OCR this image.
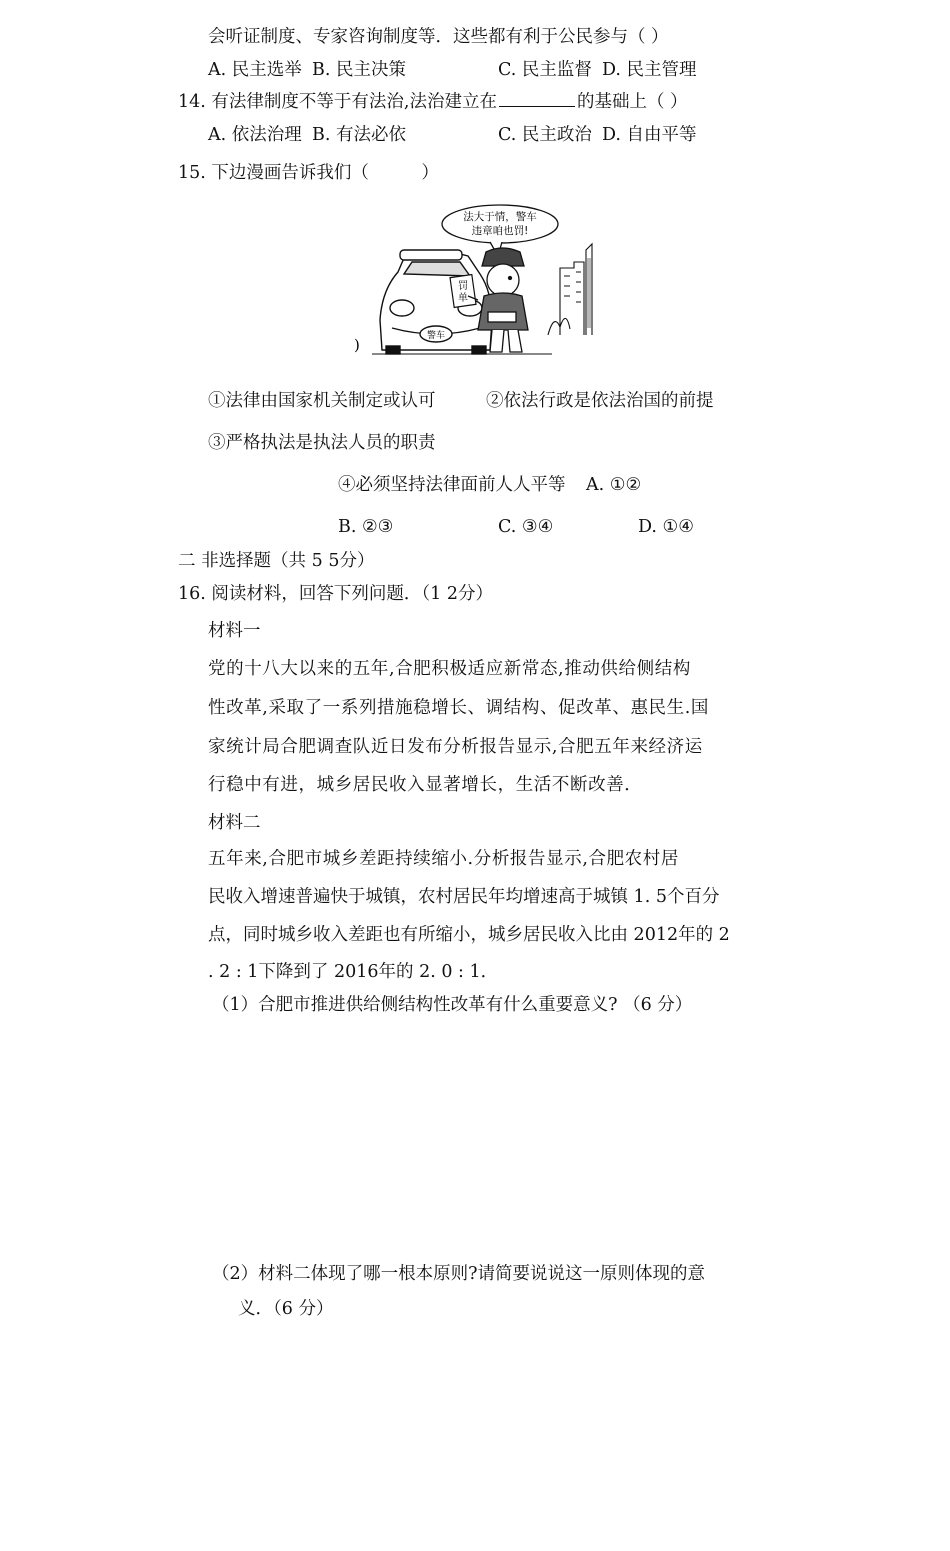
会听证制度、专家咨询制度等．这些都有利于公民参与（ ）
A. 民主选举 B. 民主决策	C. 民主监督 D. 民主管理
14. 有法律制度不等于有法治,法治建立在	的基础上（ ）
A. 依法治理 B. 有法必依	C. 民主政治 D. 自由平等
15. 下边漫画告诉我们（　　　）
法大于情，警车
违章咱也罚!
警车
罚
单
)
①法律由国家机关制定或认可	②依法行政是依法治国的前提
③严格执法是执法人员的职责
④必须坚持法律面前人人平等 A. ①②
B. ②③	C. ③④	D. ①④
二 非选择题（共 5 5分）
16. 阅读材料，回答下列问题．（1 2分）
材料一
党的十八大以来的五年,合肥积极适应新常态,推动供给侧结构
性改革,采取了一系列措施稳增长、调结构、促改革、惠民生.国
家统计局合肥调查队近日发布分析报告显示,合肥五年来经济运
行稳中有进，城乡居民收入显著增长，生活不断改善．
材料二
五年来,合肥市城乡差距持续缩小.分析报告显示,合肥农村居
民收入增速普遍快于城镇，农村居民年均增速高于城镇 1. 5个百分
点，同时城乡收入差距也有所缩小，城乡居民收入比由 2012年的 2
. 2 : 1下降到了 2016年的 2. 0 : 1．
（1）合肥市推进供给侧结构性改革有什么重要意义? （6 分）
（2）材料二体现了哪一根本原则?请简要说说这一原则体现的意
义．（6 分）
